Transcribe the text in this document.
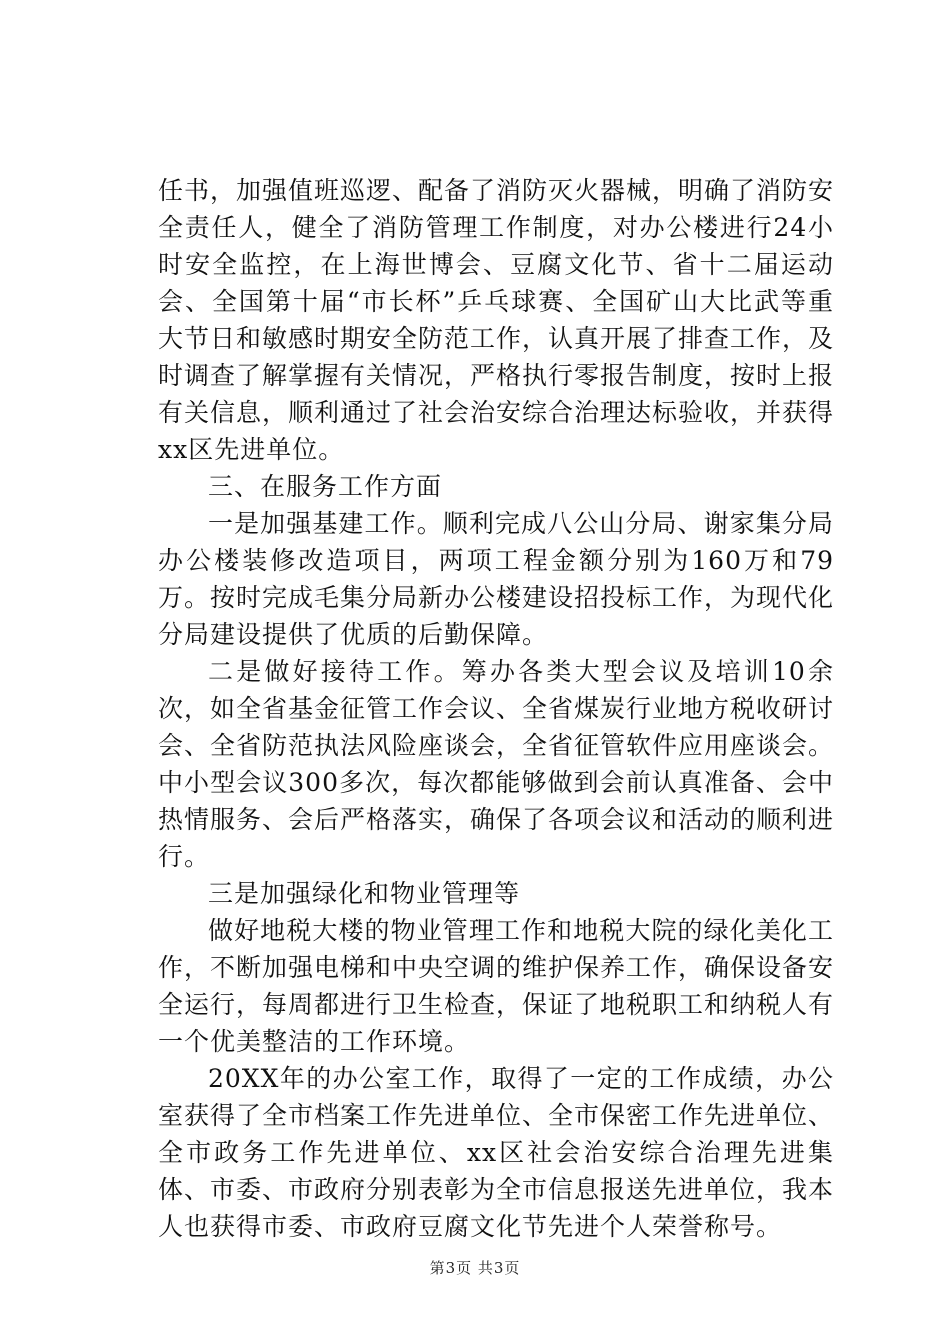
任书，加强值班巡逻、配备了消防灭火器械，明确了消防安全责任人，健全了消防管理工作制度，对办公楼进行24小时安全监控，在上海世博会、豆腐文化节、省十二届运动会、全国第十届“市长杯”乒乓球赛、全国矿山大比武等重大节日和敏感时期安全防范工作，认真开展了排查工作，及时调查了解掌握有关情况，严格执行零报告制度，按时上报有关信息，顺利通过了社会治安综合治理达标验收，并获得xx区先进单位。

三、在服务工作方面

一是加强基建工作。顺利完成八公山分局、谢家集分局办公楼装修改造项目，两项工程金额分别为160万和79万。按时完成毛集分局新办公楼建设招投标工作，为现代化分局建设提供了优质的后勤保障。

二是做好接待工作。筹办各类大型会议及培训10余次，如全省基金征管工作会议、全省煤炭行业地方税收研讨会、全省防范执法风险座谈会，全省征管软件应用座谈会。中小型会议300多次，每次都能够做到会前认真准备、会中热情服务、会后严格落实，确保了各项会议和活动的顺利进行。

三是加强绿化和物业管理等

做好地税大楼的物业管理工作和地税大院的绿化美化工作，不断加强电梯和中央空调的维护保养工作，确保设备安全运行，每周都进行卫生检查，保证了地税职工和纳税人有一个优美整洁的工作环境。

20XX年的办公室工作，取得了一定的工作成绩，办公室获得了全市档案工作先进单位、全市保密工作先进单位、全市政务工作先进单位、xx区社会治安综合治理先进集体、市委、市政府分别表彰为全市信息报送先进单位，我本人也获得市委、市政府豆腐文化节先进个人荣誉称号。

第3页 共3页
